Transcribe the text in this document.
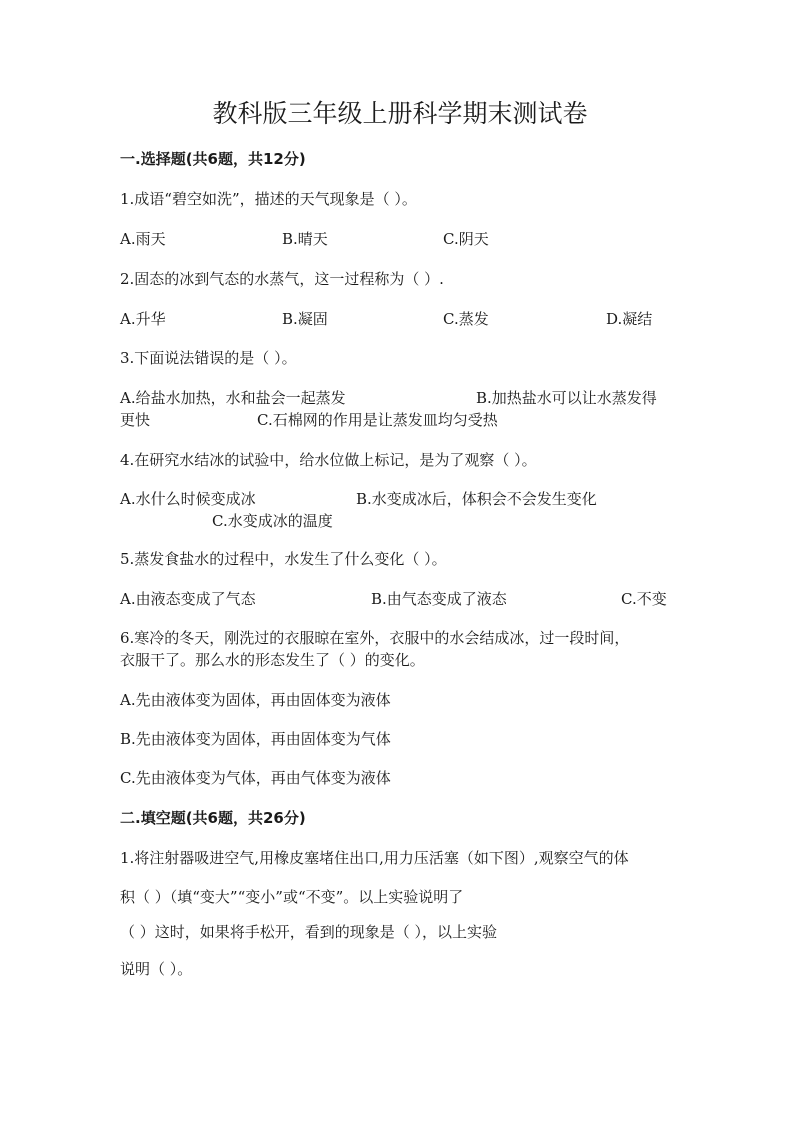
教科版三年级上册科学期末测试卷
一.选择题(共6题，共12分)
1.成语“碧空如洗”，描述的天气现象是（ ）。
A.雨天	B.晴天	C.阴天
2.固态的冰到气态的水蒸气，这一过程称为（ ）.
A.升华	B.凝固	C.蒸发	D.凝结
3.下面说法错误的是（ ）。
A.给盐水加热，水和盐会一起蒸发	B.加热盐水可以让水蒸发得
更快	C.石棉网的作用是让蒸发皿均匀受热
4.在研究水结冰的试验中，给水位做上标记，是为了观察（ ）。
A.水什么时候变成冰	B.水变成冰后，体积会不会发生变化
C.水变成冰的温度
5.蒸发食盐水的过程中，水发生了什么变化（ ）。
A.由液态变成了气态	B.由气态变成了液态	C.不变
6.寒冷的冬天，刚洗过的衣服晾在室外，衣服中的水会结成冰，过一段时间，
衣服干了。那么水的形态发生了（ ）的变化。
A.先由液体变为固体，再由固体变为液体
B.先由液体变为固体，再由固体变为气体
C.先由液体变为气体，再由气体变为液体
二.填空题(共6题，共26分)
1.将注射器吸进空气,用橡皮塞堵住出口,用力压活塞（如下图）,观察空气的体
积（ ）（填“变大”“变小”或“不变”。以上实验说明了
（ ）这时，如果将手松开，看到的现象是（ ），以上实验
说明（ ）。
